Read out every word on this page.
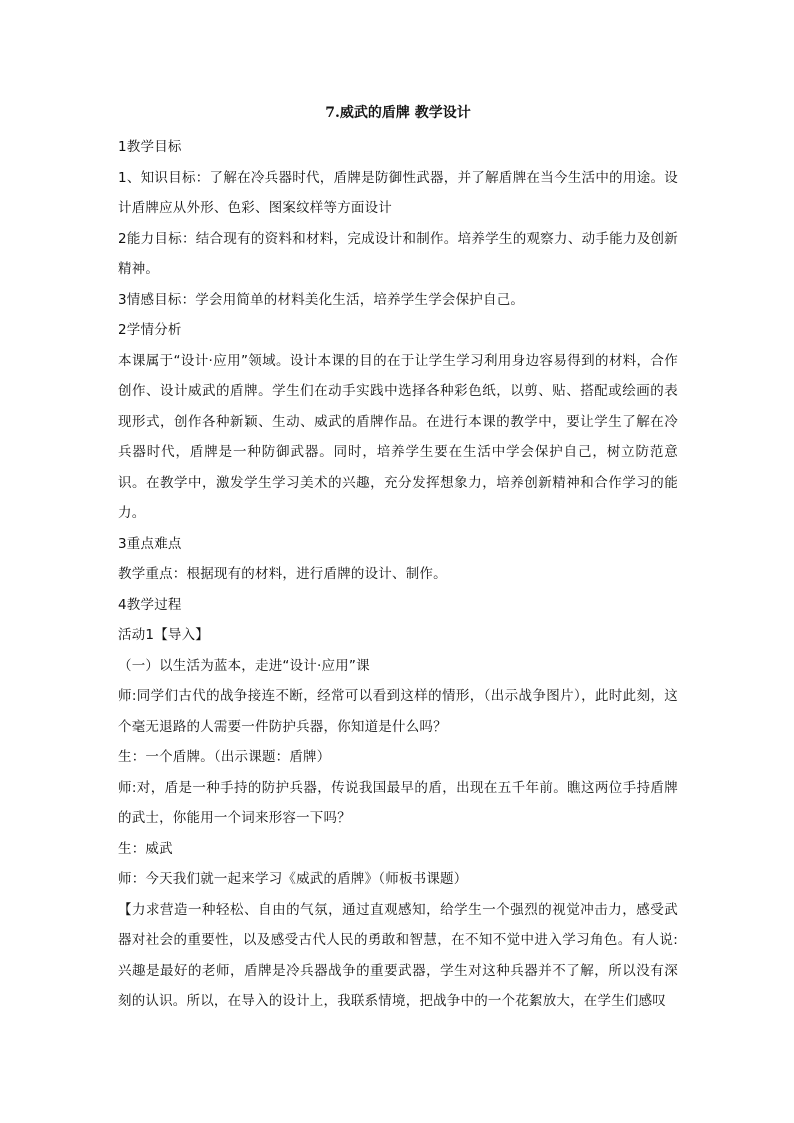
7.威武的盾牌 教学设计

1教学目标

1、知识目标：了解在冷兵器时代，盾牌是防御性武器，并了解盾牌在当今生活中的用途。设计盾牌应从外形、色彩、图案纹样等方面设计

2能力目标：结合现有的资料和材料，完成设计和制作。培养学生的观察力、动手能力及创新精神。

3情感目标：学会用简单的材料美化生活，培养学生学会保护自己。

2学情分析

本课属于“设计·应用”领域。设计本课的目的在于让学生学习利用身边容易得到的材料，合作创作、设计威武的盾牌。学生们在动手实践中选择各种彩色纸，以剪、贴、搭配或绘画的表现形式，创作各种新颖、生动、威武的盾牌作品。在进行本课的教学中，要让学生了解在冷兵器时代，盾牌是一种防御武器。同时，培养学生要在生活中学会保护自己，树立防范意识。在教学中，激发学生学习美术的兴趣，充分发挥想象力，培养创新精神和合作学习的能力。

3重点难点

教学重点：根据现有的材料，进行盾牌的设计、制作。

4教学过程

活动1【导入】

（一）以生活为蓝本，走进“设计·应用”课

师:同学们古代的战争接连不断，经常可以看到这样的情形，（出示战争图片），此时此刻，这个毫无退路的人需要一件防护兵器，你知道是什么吗？

生：一个盾牌。（出示课题：盾牌）

师:对，盾是一种手持的防护兵器，传说我国最早的盾，出现在五千年前。瞧这两位手持盾牌的武士，你能用一个词来形容一下吗？

生：威武

师：今天我们就一起来学习《威武的盾牌》（师板书课题）

【力求营造一种轻松、自由的气氛，通过直观感知，给学生一个强烈的视觉冲击力，感受武器对社会的重要性，以及感受古代人民的勇敢和智慧，在不知不觉中进入学习角色。有人说:兴趣是最好的老师，盾牌是冷兵器战争的重要武器，学生对这种兵器并不了解，所以没有深刻的认识。所以，在导入的设计上，我联系情境，把战争中的一个花絮放大，在学生们感叹
